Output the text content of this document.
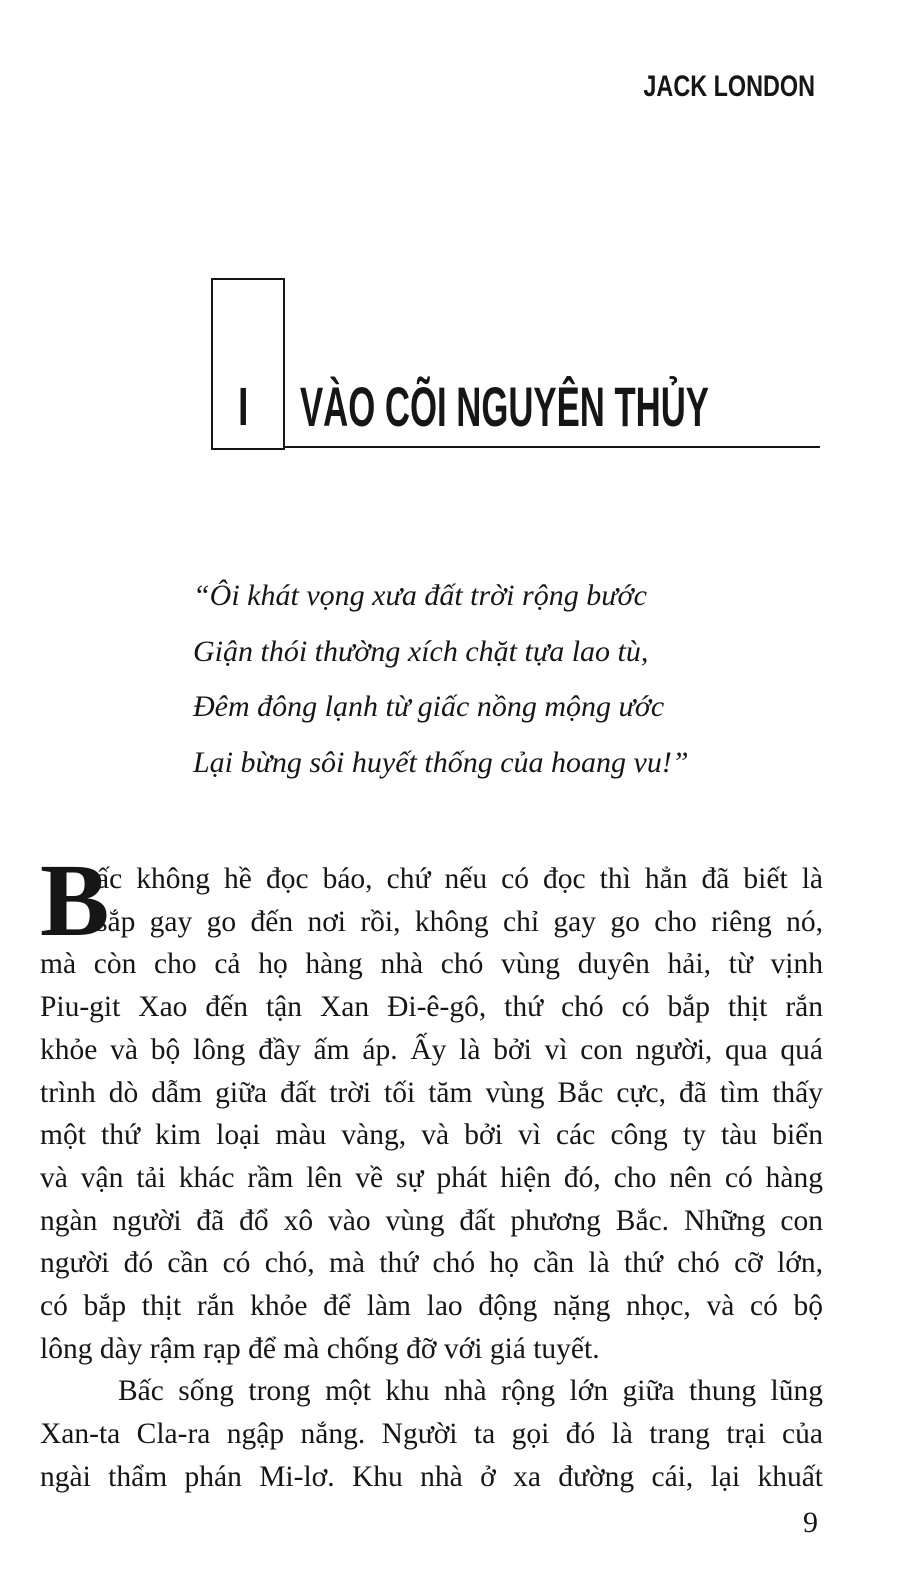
JACK LONDON
I VÀO CÕI NGUYÊN THỦY
“Ôi khát vọng xưa đất trời rộng bước
Giận thói thường xích chặt tựa lao tù,
Đêm đông lạnh từ giấc nồng mộng ước
Lại bừng sôi huyết thống của hoang vu!”
B
ấc không hề đọc báo, chứ nếu có đọc thì hẳn đã biết là
sắp gay go đến nơi rồi, không chỉ gay go cho riêng nó,
mà còn cho cả họ hàng nhà chó vùng duyên hải, từ vịnh
Piu-git Xao đến tận Xan Đi-ê-gô, thứ chó có bắp thịt rắn
khỏe và bộ lông đầy ấm áp. Ấy là bởi vì con người, qua quá
trình dò dẫm giữa đất trời tối tăm vùng Bắc cực, đã tìm thấy
một thứ kim loại màu vàng, và bởi vì các công ty tàu biển
và vận tải khác rầm lên về sự phát hiện đó, cho nên có hàng
ngàn người đã đổ xô vào vùng đất phương Bắc. Những con
người đó cần có chó, mà thứ chó họ cần là thứ chó cỡ lớn,
có bắp thịt rắn khỏe để làm lao động nặng nhọc, và có bộ
lông dày rậm rạp để mà chống đỡ với giá tuyết.
Bấc sống trong một khu nhà rộng lớn giữa thung lũng
Xan-ta Cla-ra ngập nắng. Người ta gọi đó là trang trại của
ngài thẩm phán Mi-lơ. Khu nhà ở xa đường cái, lại khuất
9
